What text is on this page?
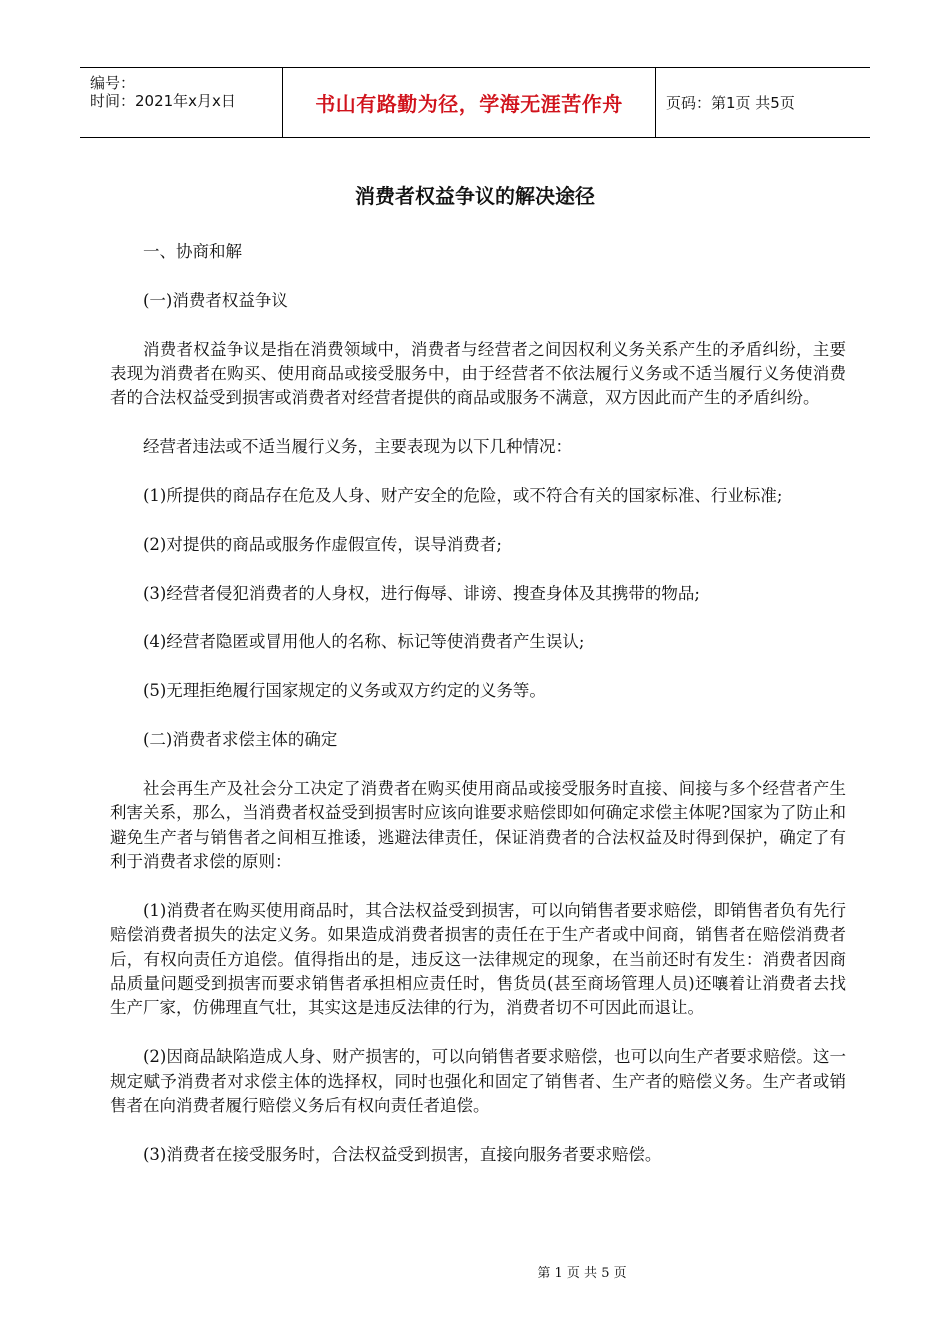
编号：
时间：2021年x月x日	书山有路勤为径，学海无涯苦作舟	页码：第1页 共5页
消费者权益争议的解决途径

一、协商和解

(一)消费者权益争议

消费者权益争议是指在消费领域中，消费者与经营者之间因权利义务关系产生的矛盾纠纷，主要表现为消费者在购买、使用商品或接受服务中，由于经营者不依法履行义务或不适当履行义务使消费者的合法权益受到损害或消费者对经营者提供的商品或服务不满意，双方因此而产生的矛盾纠纷。

经营者违法或不适当履行义务，主要表现为以下几种情况：

(1)所提供的商品存在危及人身、财产安全的危险，或不符合有关的国家标准、行业标准;

(2)对提供的商品或服务作虚假宣传，误导消费者;

(3)经营者侵犯消费者的人身权，进行侮辱、诽谤、搜查身体及其携带的物品;

(4)经营者隐匿或冒用他人的名称、标记等使消费者产生误认;

(5)无理拒绝履行国家规定的义务或双方约定的义务等。

(二)消费者求偿主体的确定

社会再生产及社会分工决定了消费者在购买使用商品或接受服务时直接、间接与多个经营者产生利害关系，那么，当消费者权益受到损害时应该向谁要求赔偿即如何确定求偿主体呢?国家为了防止和避免生产者与销售者之间相互推诿，逃避法律责任，保证消费者的合法权益及时得到保护，确定了有利于消费者求偿的原则：

(1)消费者在购买使用商品时，其合法权益受到损害，可以向销售者要求赔偿，即销售者负有先行赔偿消费者损失的法定义务。如果造成消费者损害的责任在于生产者或中间商，销售者在赔偿消费者后，有权向责任方追偿。值得指出的是，违反这一法律规定的现象，在当前还时有发生：消费者因商品质量问题受到损害而要求销售者承担相应责任时，售货员(甚至商场管理人员)还嚷着让消费者去找生产厂家，仿佛理直气壮，其实这是违反法律的行为，消费者切不可因此而退让。

(2)因商品缺陷造成人身、财产损害的，可以向销售者要求赔偿，也可以向生产者要求赔偿。这一规定赋予消费者对求偿主体的选择权，同时也强化和固定了销售者、生产者的赔偿义务。生产者或销售者在向消费者履行赔偿义务后有权向责任者追偿。

(3)消费者在接受服务时，合法权益受到损害，直接向服务者要求赔偿。

第 1 页 共 5 页
